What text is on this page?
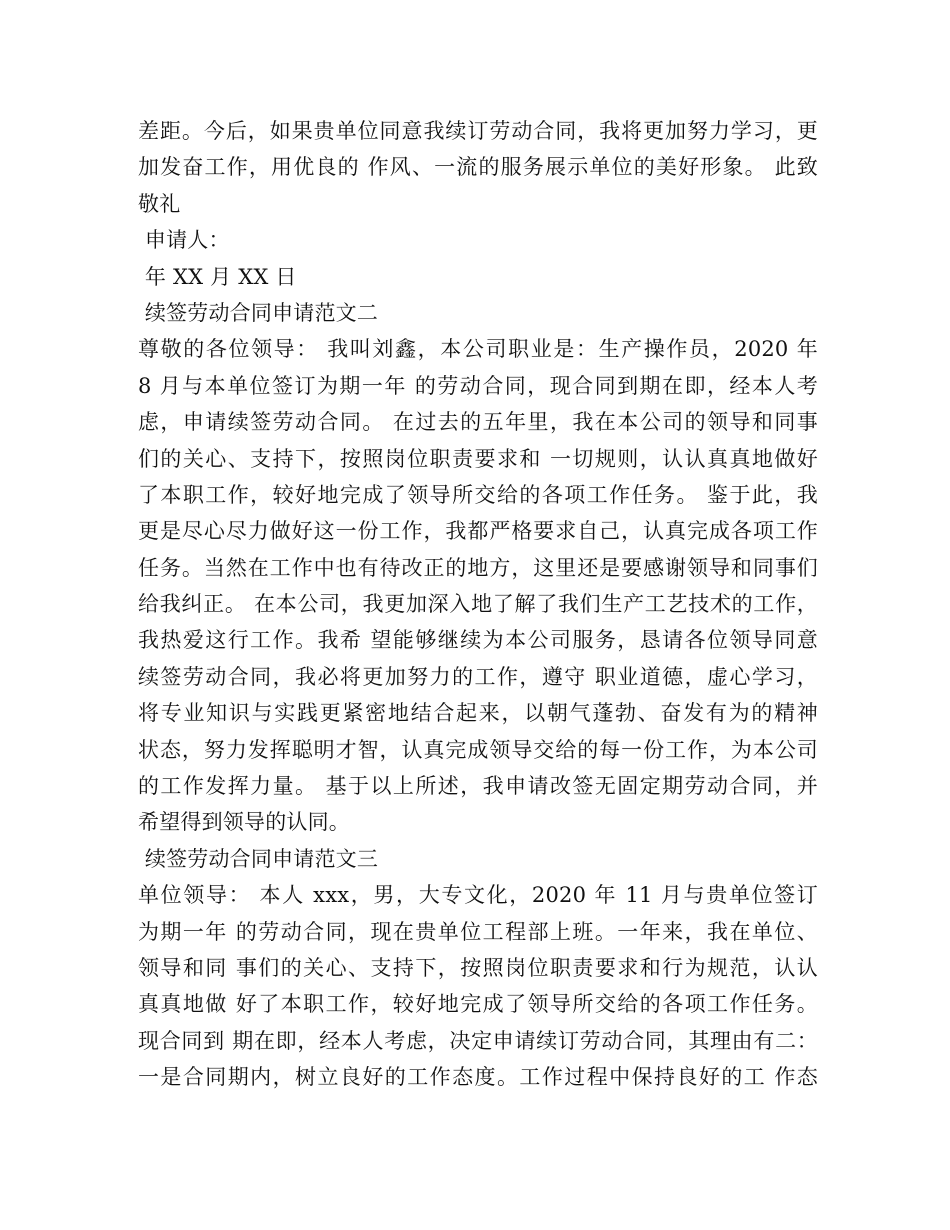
差距。今后，如果贵单位同意我续订劳动合同，我将更加努力学习，更
加发奋工作，用优良的 作风、一流的服务展示单位的美好形象。 此致
敬礼
申请人：
年 XX 月 XX 日
续签劳动合同申请范文二
尊敬的各位领导： 我叫刘鑫，本公司职业是：生产操作员，2020 年
8 月与本单位签订为期一年 的劳动合同，现合同到期在即，经本人考
虑，申请续签劳动合同。 在过去的五年里，我在本公司的领导和同事
们的关心、支持下，按照岗位职责要求和 一切规则，认认真真地做好
了本职工作，较好地完成了领导所交给的各项工作任务。 鉴于此，我
更是尽心尽力做好这一份工作，我都严格要求自己，认真完成各项工作
任务。当然在工作中也有待改正的地方，这里还是要感谢领导和同事们
给我纠正。 在本公司，我更加深入地了解了我们生产工艺技术的工作，
我热爱这行工作。我希 望能够继续为本公司服务，恳请各位领导同意
续签劳动合同，我必将更加努力的工作，遵守 职业道德，虚心学习，
将专业知识与实践更紧密地结合起来，以朝气蓬勃、奋发有为的精神
状态，努力发挥聪明才智，认真完成领导交给的每一份工作，为本公司
的工作发挥力量。 基于以上所述，我申请改签无固定期劳动合同，并
希望得到领导的认同。
续签劳动合同申请范文三
单位领导： 本人 xxx，男，大专文化，2020 年 11 月与贵单位签订
为期一年 的劳动合同，现在贵单位工程部上班。一年来，我在单位、
领导和同 事们的关心、支持下，按照岗位职责要求和行为规范，认认
真真地做 好了本职工作，较好地完成了领导所交给的各项工作任务。
现合同到 期在即，经本人考虑，决定申请续订劳动合同，其理由有二：
一是合同期内，树立良好的工作态度。工作过程中保持良好的工 作态
